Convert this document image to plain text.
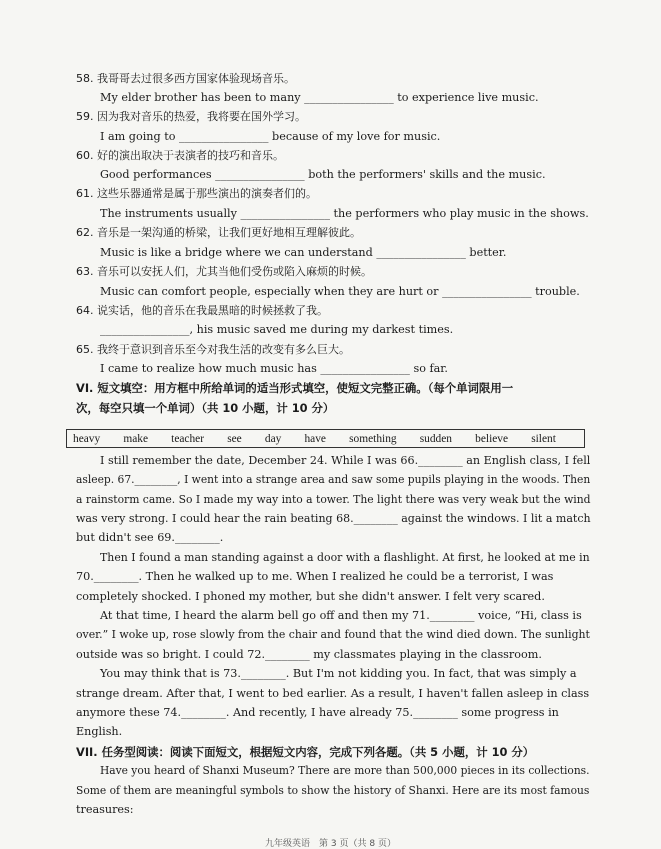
58. 我哥哥去过很多西方国家体验现场音乐。
My elder brother has been to many ________________ to experience live music.
59. 因为我对音乐的热爱，我将要在国外学习。
I am going to ________________ because of my love for music.
60. 好的演出取决于表演者的技巧和音乐。
Good performances ________________ both the performers' skills and the music.
61. 这些乐器通常是属于那些演出的演奏者们的。
The instruments usually ________________ the performers who play music in the shows.
62. 音乐是一架沟通的桥梁，让我们更好地相互理解彼此。
Music is like a bridge where we can understand ________________ better.
63. 音乐可以安抚人们，尤其当他们受伤或陷入麻烦的时候。
Music can comfort people, especially when they are hurt or ________________ trouble.
64. 说实话，他的音乐在我最黑暗的时候拯救了我。
________________, his music saved me during my darkest times.
65. 我终于意识到音乐至今对我生活的改变有多么巨大。
I came to realize how much music has ________________ so far.
VI. 短文填空：用方框中所给单词的适当形式填空，使短文完整正确。（每个单词限用一
次，每空只填一个单词）（共 10 小题，计 10 分）
heavy make teacher see day have something sudden believe silent
I still remember the date, December 24. While I was 66.________ an English class, I fell
asleep. 67.________, I went into a strange area and saw some pupils playing in the woods. Then
a rainstorm came. So I made my way into a tower. The light there was very weak but the wind
was very strong. I could hear the rain beating 68.________ against the windows. I lit a match
but didn't see 69.________.
Then I found a man standing against a door with a flashlight. At first, he looked at me in
70.________. Then he walked up to me. When I realized he could be a terrorist, I was
completely shocked. I phoned my mother, but she didn't answer. I felt very scared.
At that time, I heard the alarm bell go off and then my 71.________ voice, “Hi, class is
over.” I woke up, rose slowly from the chair and found that the wind died down. The sunlight
outside was so bright. I could 72.________ my classmates playing in the classroom.
You may think that is 73.________. But I'm not kidding you. In fact, that was simply a
strange dream. After that, I went to bed earlier. As a result, I haven't fallen asleep in class
anymore these 74.________. And recently, I have already 75.________ some progress in
English.
VII. 任务型阅读：阅读下面短文，根据短文内容，完成下列各题。（共 5 小题，计 10 分）
Have you heard of Shanxi Museum? There are more than 500,000 pieces in its collections.
Some of them are meaningful symbols to show the history of Shanxi. Here are its most famous
treasures:
九年级英语　第 3 页（共 8 页）
